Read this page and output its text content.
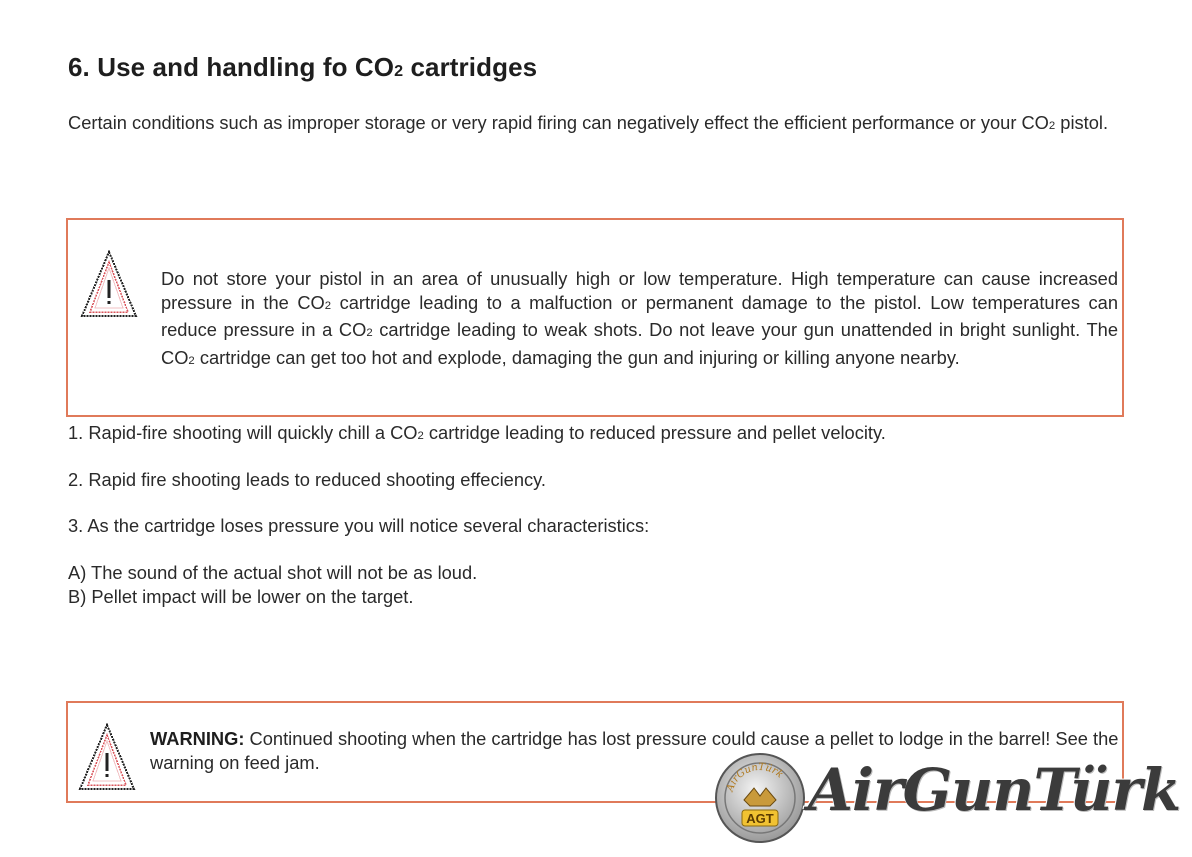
6. Use and handling fo CO2 cartridges

Certain conditions such as improper storage or very rapid firing can negatively effect the efficient performance or your CO2 pistol.

Do not store your pistol in an area of unusually high or low temperature. High temperature can cause increased pressure in the CO2 cartridge leading to a malfuction or permanent damage to the pistol. Low temperatures can reduce pressure in a CO2 cartridge leading to weak shots. Do not leave your gun unattended in bright sunlight. The CO2 cartridge can get too hot and explode, damaging the gun and injuring or killing anyone nearby.

1. Rapid-fire shooting will quickly chill a CO2 cartridge leading to reduced pressure and pellet velocity.

2. Rapid fire shooting leads to reduced shooting effeciency.

3. As the cartridge loses pressure you will notice several characteristics:

A) The sound of the actual shot will not be as loud.

B) Pellet impact will be lower on the target.

WARNING: Continued shooting when the cartridge has lost pressure could cause a pellet to lodge in the barrel! See the warning on feed jam.

AirGunTürk
AGT AirGunTürk
